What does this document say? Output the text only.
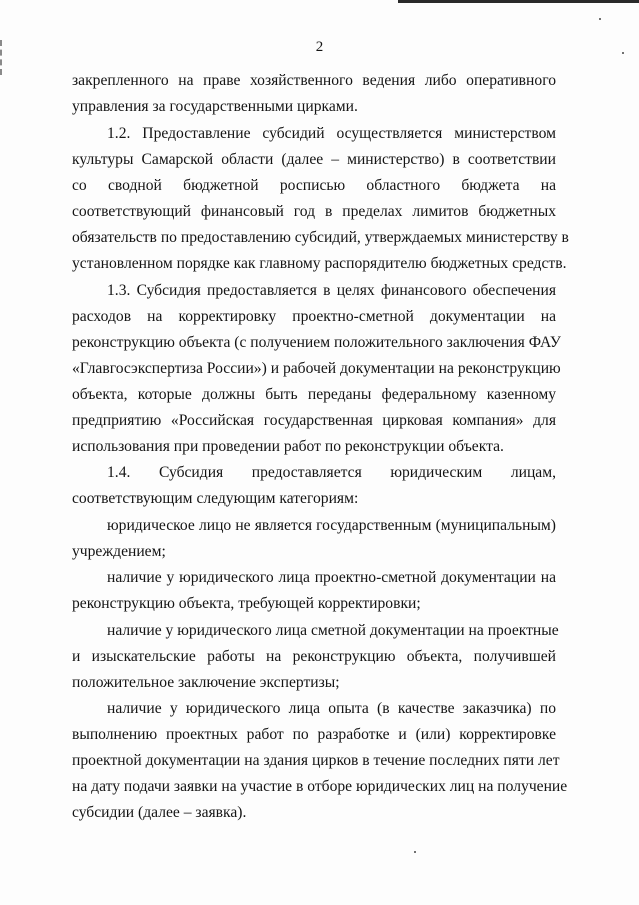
2
закрепленного на праве хозяйственного ведения либо оперативного
управления за государственными цирками.
1.2. Предоставление субсидий осуществляется министерством
культуры Самарской области (далее – министерство) в соответствии
со сводной бюджетной росписью областного бюджета на
соответствующий финансовый год в пределах лимитов бюджетных
обязательств по предоставлению субсидий, утверждаемых министерству в
установленном порядке как главному распорядителю бюджетных средств.
1.3. Субсидия предоставляется в целях финансового обеспечения
расходов на корректировку проектно-сметной документации на
реконструкцию объекта (с получением положительного заключения ФАУ
«Главгосэкспертиза России») и рабочей документации на реконструкцию
объекта, которые должны быть переданы федеральному казенному
предприятию «Российская государственная цирковая компания» для
использования при проведении работ по реконструкции объекта.
1.4. Субсидия предоставляется юридическим лицам,
соответствующим следующим категориям:
юридическое лицо не является государственным (муниципальным)
учреждением;
наличие у юридического лица проектно-сметной документации на
реконструкцию объекта, требующей корректировки;
наличие у юридического лица сметной документации на проектные
и изыскательские работы на реконструкцию объекта, получившей
положительное заключение экспертизы;
наличие у юридического лица опыта (в качестве заказчика) по
выполнению проектных работ по разработке и (или) корректировке
проектной документации на здания цирков в течение последних пяти лет
на дату подачи заявки на участие в отборе юридических лиц на получение
субсидии (далее – заявка).
